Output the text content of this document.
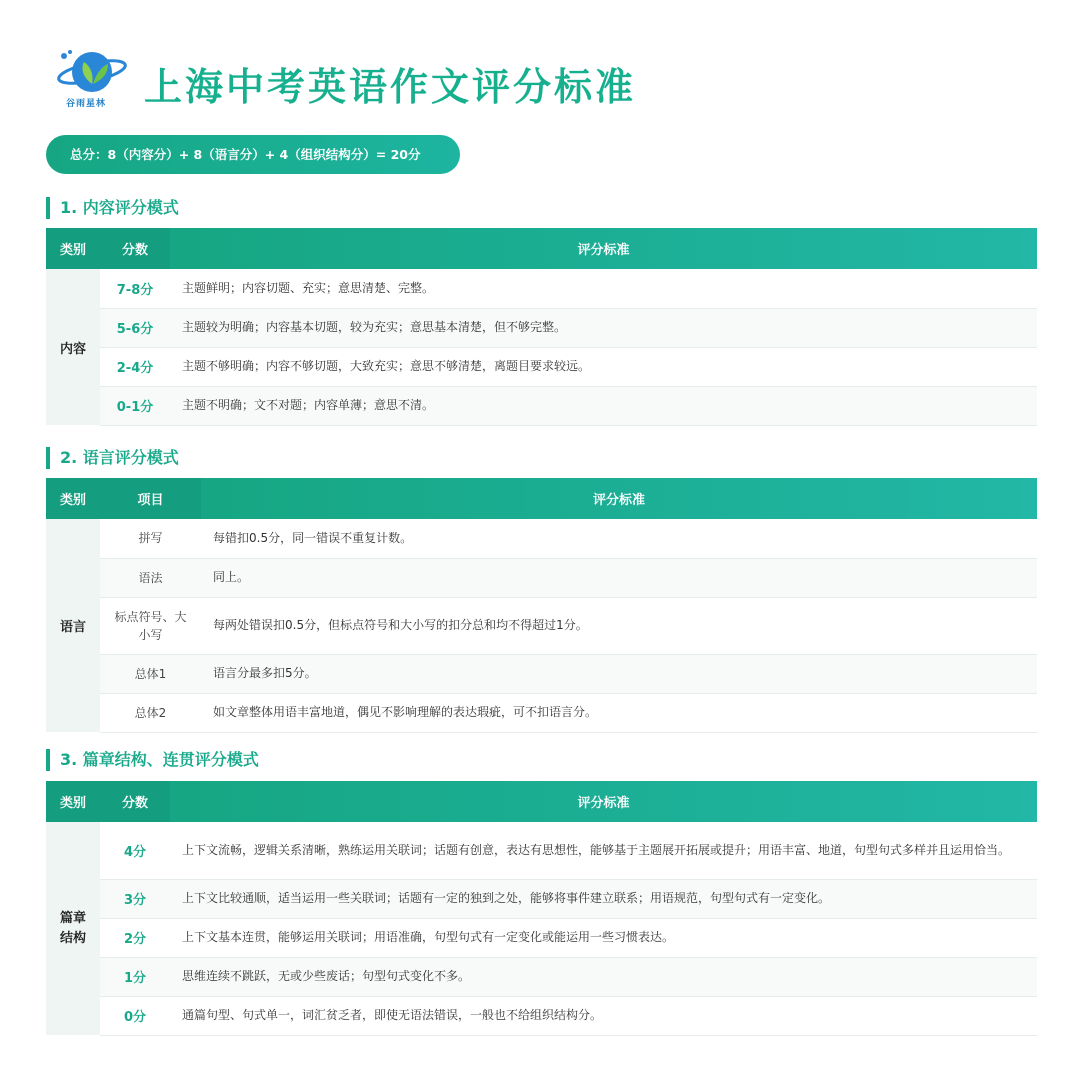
谷雨星林 上海中考英语作文评分标准
总分：8（内容分）+ 8（语言分）+ 4（组织结构分）= 20分
1. 内容评分模式
类别	分数	评分标准
内容	7-8分	主题鲜明；内容切题、充实；意思清楚、完整。
	5-6分	主题较为明确；内容基本切题，较为充实；意思基本清楚，但不够完整。
	2-4分	主题不够明确；内容不够切题，大致充实；意思不够清楚，离题目要求较远。
	0-1分	主题不明确；文不对题；内容单薄；意思不清。
2. 语言评分模式
类别	项目	评分标准
语言	拼写	每错扣0.5分，同一错误不重复计数。
	语法	同上。
	标点符号、大小写	每两处错误扣0.5分，但标点符号和大小写的扣分总和均不得超过1分。
	总体1	语言分最多扣5分。
	总体2	如文章整体用语丰富地道，偶见不影响理解的表达瑕疵，可不扣语言分。
3. 篇章结构、连贯评分模式
类别	分数	评分标准
篇章结构	4分	上下文流畅，逻辑关系清晰，熟练运用关联词；话题有创意，表达有思想性，能够基于主题展开拓展或提升；用语丰富、地道，句型句式多样并且运用恰当。
	3分	上下文比较通顺，适当运用一些关联词；话题有一定的独到之处，能够将事件建立联系；用语规范，句型句式有一定变化。
	2分	上下文基本连贯，能够运用关联词；用语准确，句型句式有一定变化或能运用一些习惯表达。
	1分	思维连续不跳跃，无或少些废话；句型句式变化不多。
	0分	通篇句型、句式单一，词汇贫乏者，即使无语法错误，一般也不给组织结构分。
